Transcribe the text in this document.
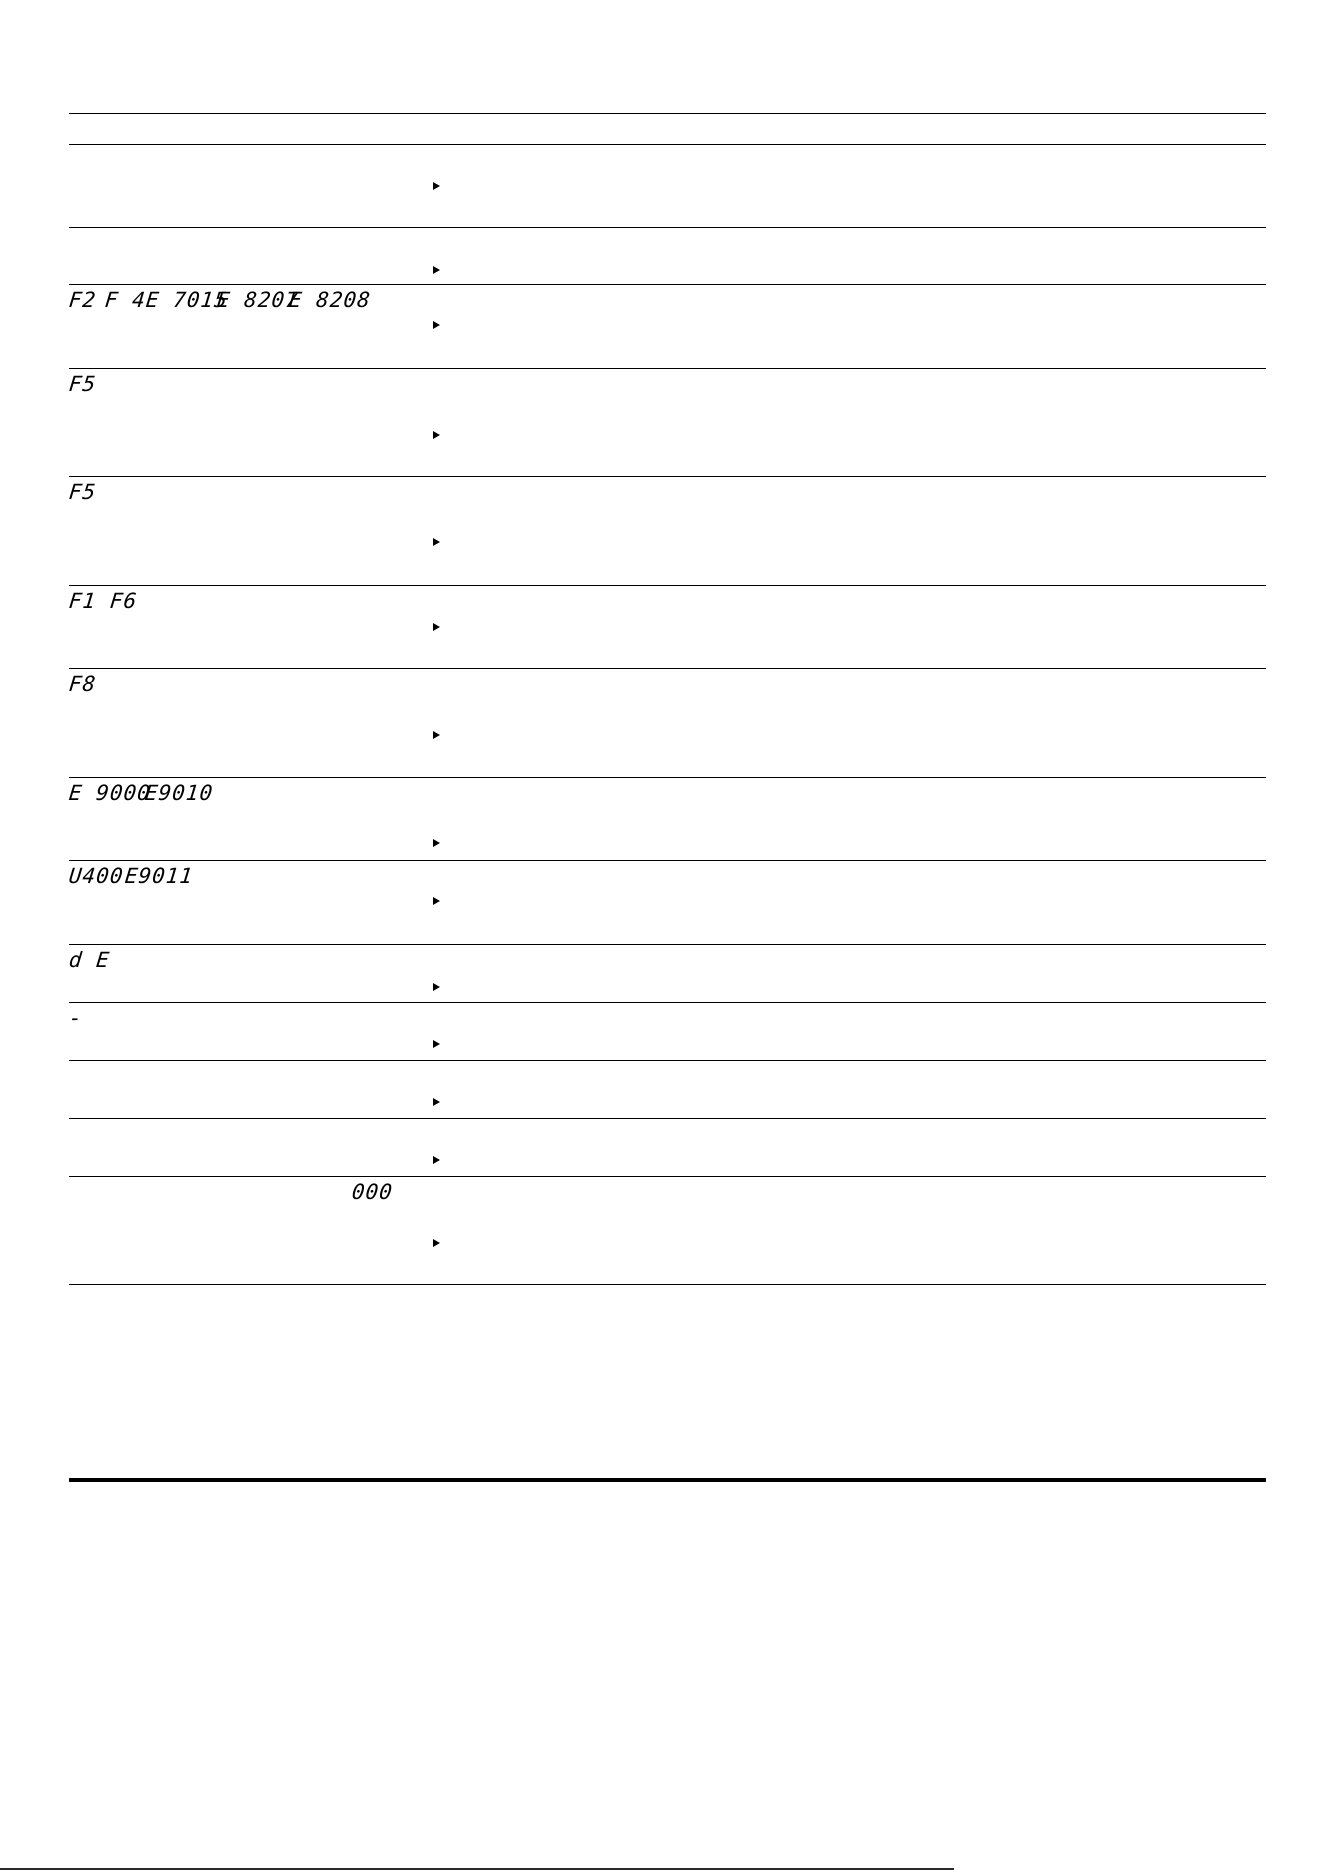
F2 F 4
E 7015
E 8207
E 8208
F5
F5
F1 F6
F8
E 9000
E9010
U400
E9011
d E
-
000
